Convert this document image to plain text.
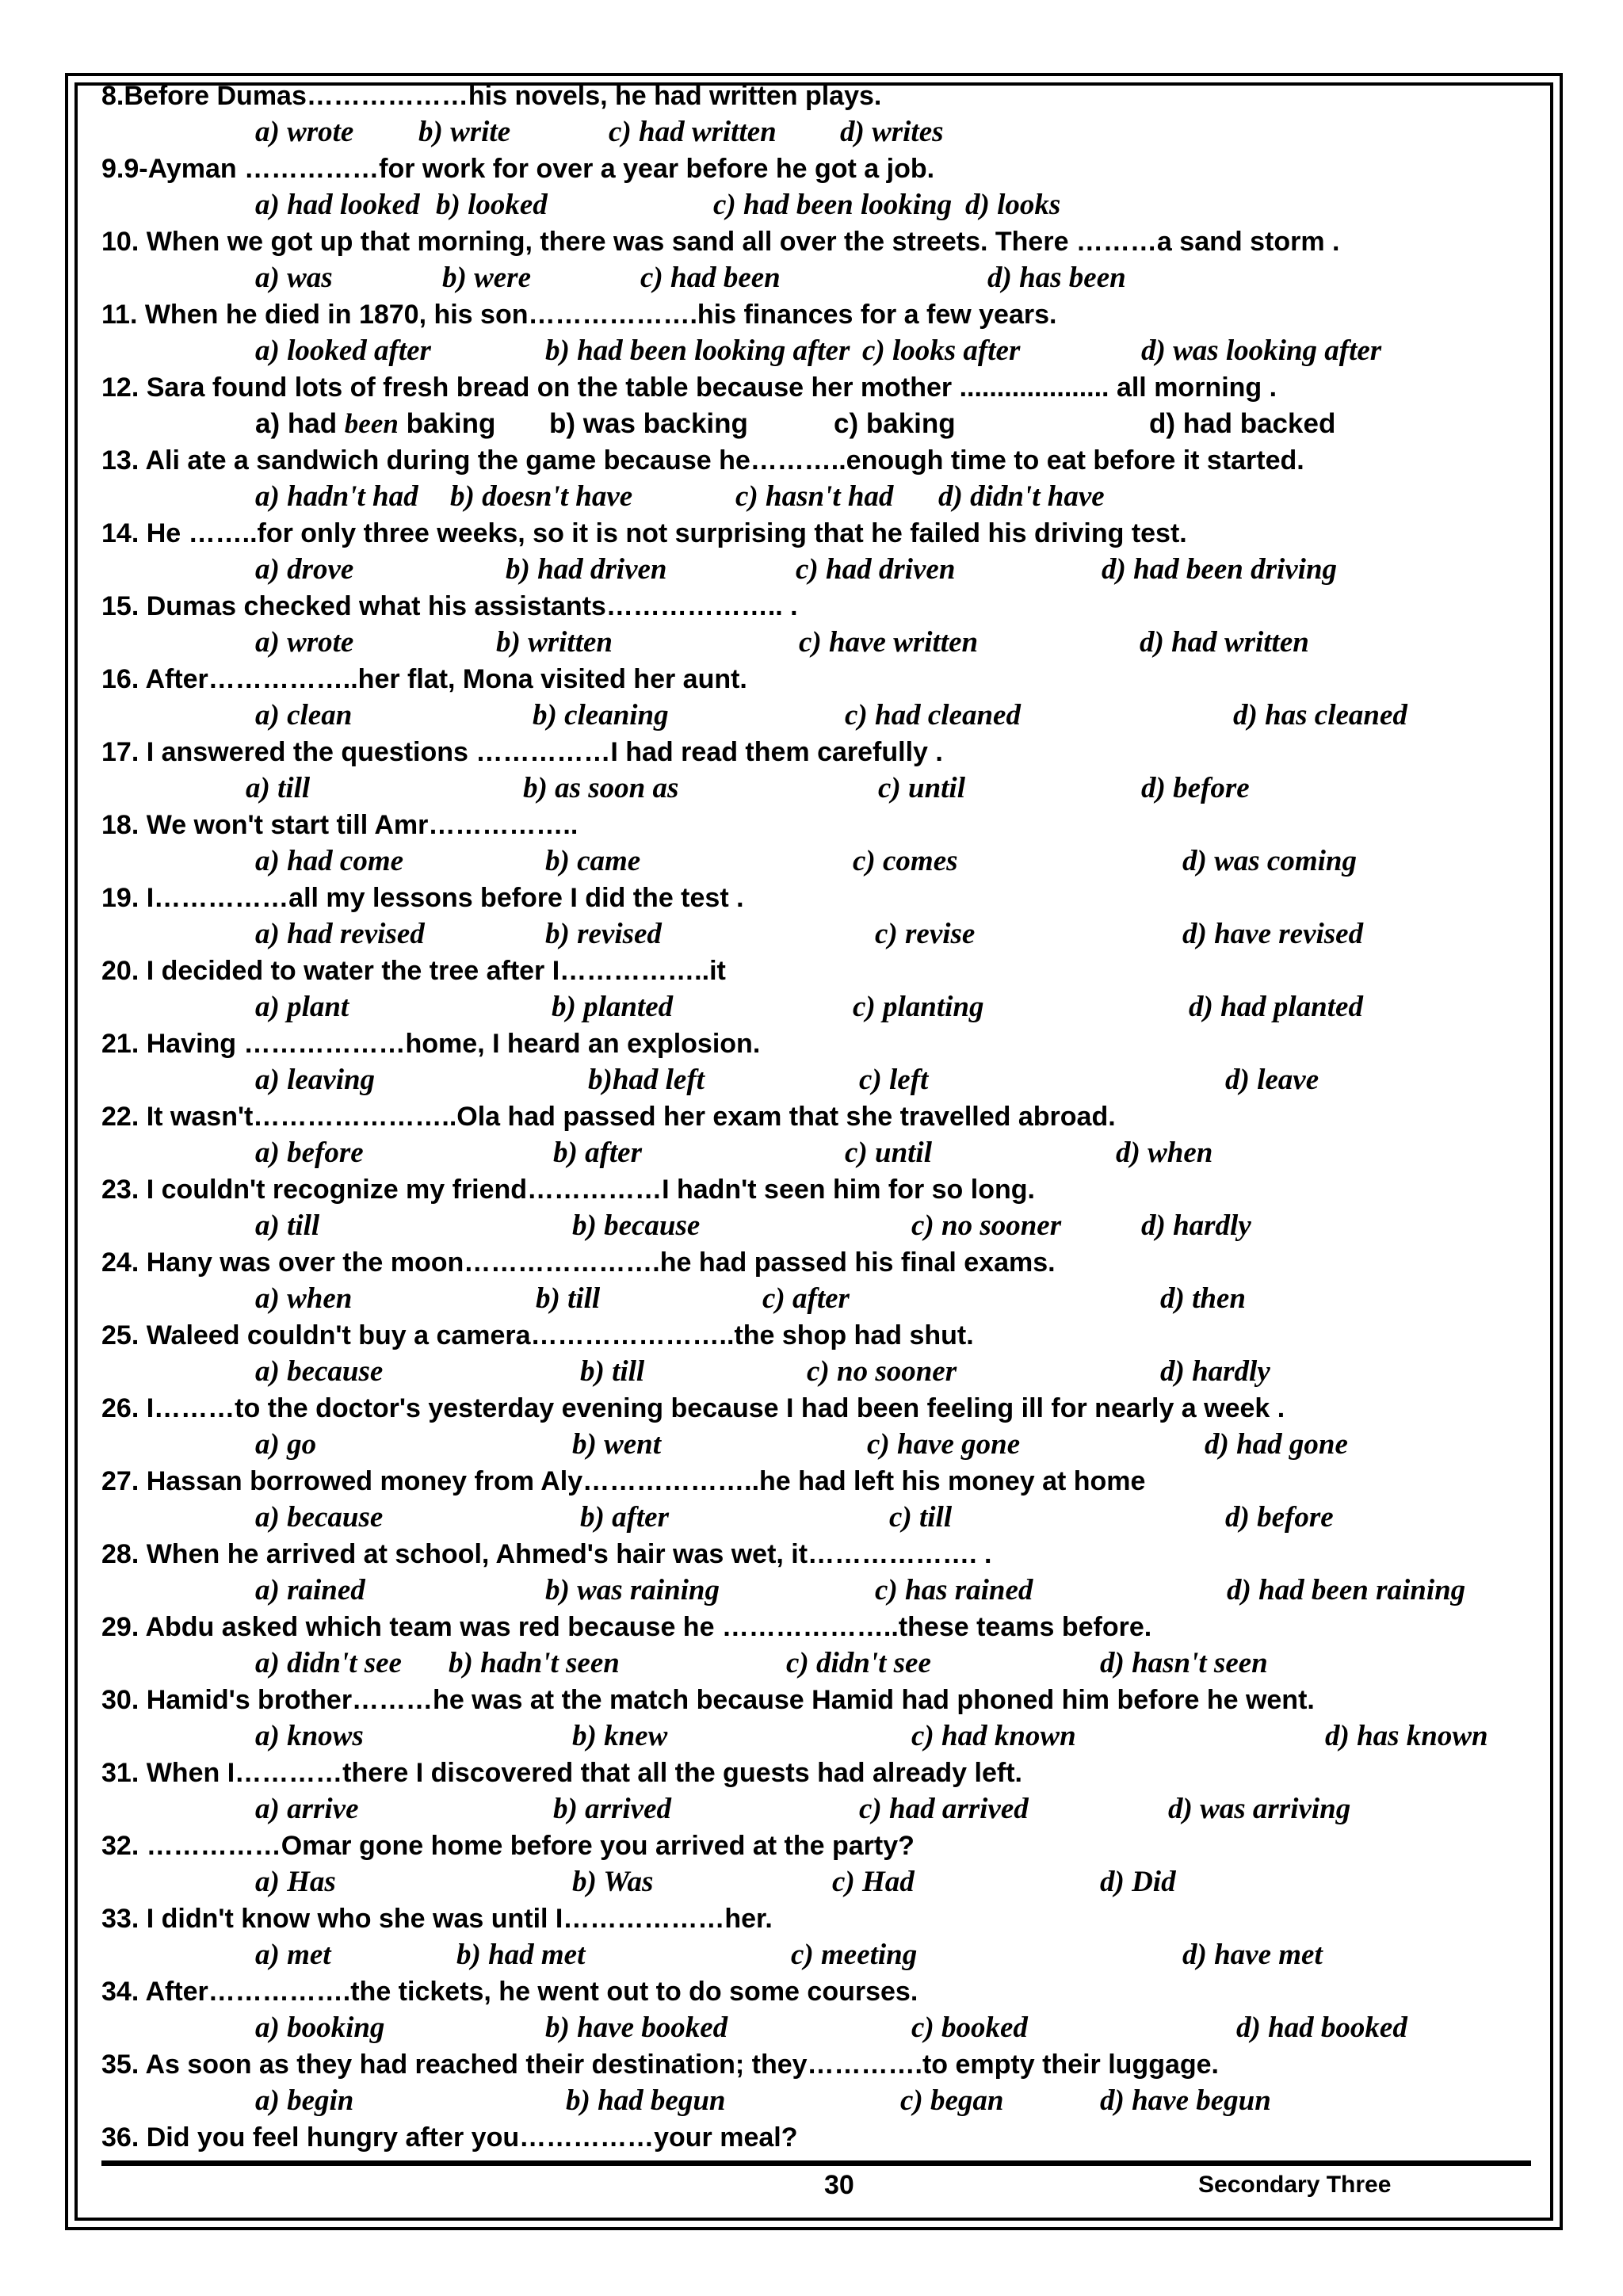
8.Before Dumas………………his novels, he had written plays.
a) wrote b) write	c) had written d) writes
9.9-Ayman ……………for work for over a year before he got a job.
a) had looked b) looked	c) had been looking d) looks
10. When we got up that morning, there was sand all over the streets. There ………a sand storm .
a) was	b) were	c) had been	d) has been
11. When he died in 1870, his son……………….his finances for a few years.
a) looked after	b) had been looking after c) looks after	d) was looking after
12. Sara found lots of fresh bread on the table because her mother .................... all morning .
a) had been baking b) was backing	c) baking	d) had backed
13. Ali ate a sandwich during the game because he………..enough time to eat before it started.
a) hadn't had b) doesn't have	c) hasn't had d) didn't have
14. He ……..for only three weeks, so it is not surprising that he failed his driving test.
a) drove	b) had driven	c) had driven	d) had been driving
15. Dumas checked what his assistants……………….. .
a) wrote	b) written	c) have written	d) had written
16. After……………..her flat, Mona visited her aunt.
a) clean	b) cleaning	c) had cleaned	d) has cleaned
17. I answered the questions ……………I had read them carefully .
a) till	b) as soon as	c) until	d) before
18. We won't start till Amr……………..
a) had come	b) came	c) comes	d) was coming
19. I……………all my lessons before I did the test .
a) had revised	b) revised	c) revise	d) have revised
20. I decided to water the tree after I……………..it
a) plant	b) planted	c) planting	d) had planted
21. Having ………………home, I heard an explosion.
a) leaving	b)had left	c) left	d) leave
22. It wasn't…………………..Ola had passed her exam that she travelled abroad.
a) before	b) after	c) until	d) when
23. I couldn't recognize my friend……………I hadn't seen him for so long.
a) till	b) because	c) no sooner	d) hardly
24. Hany was over the moon………………….he had passed his final exams.
a) when	b) till	c) after	d) then
25. Waleed couldn't buy a camera…………………..the shop had shut.
a) because	b) till	c) no sooner	d) hardly
26. I………to the doctor's yesterday evening because I had been feeling ill for nearly a week .
a) go	b) went	c) have gone	d) had gone
27. Hassan borrowed money from Aly………………..he had left his money at home
a) because	b) after	c) till	d) before
28. When he arrived at school, Ahmed's hair was wet, it………………. .
a) rained	b) was raining	c) has rained	d) had been raining
29. Abdu asked which team was red because he ………………..these teams before.
a) didn't see b) hadn't seen	c) didn't see	d) hasn't seen
30. Hamid's brother………he was at the match because Hamid had phoned him before he went.
a) knows	b) knew	c) had known	d) has known
31. When I…………there I discovered that all the guests had already left.
a) arrive	b) arrived	c) had arrived	d) was arriving
32. ……………Omar gone home before you arrived at the party?
a) Has	b) Was	c) Had	d) Did
33. I didn't know who she was until I………………her.
a) met	b) had met	c) meeting	d) have met
34. After…………….the tickets, he went out to do some courses.
a) booking	b) have booked	c) booked	d) had booked
35. As soon as they had reached their destination; they………….to empty their luggage.
a) begin	b) had begun	c) began	d) have begun
36. Did you feel hungry after you……………your meal?
30	Secondary Three
